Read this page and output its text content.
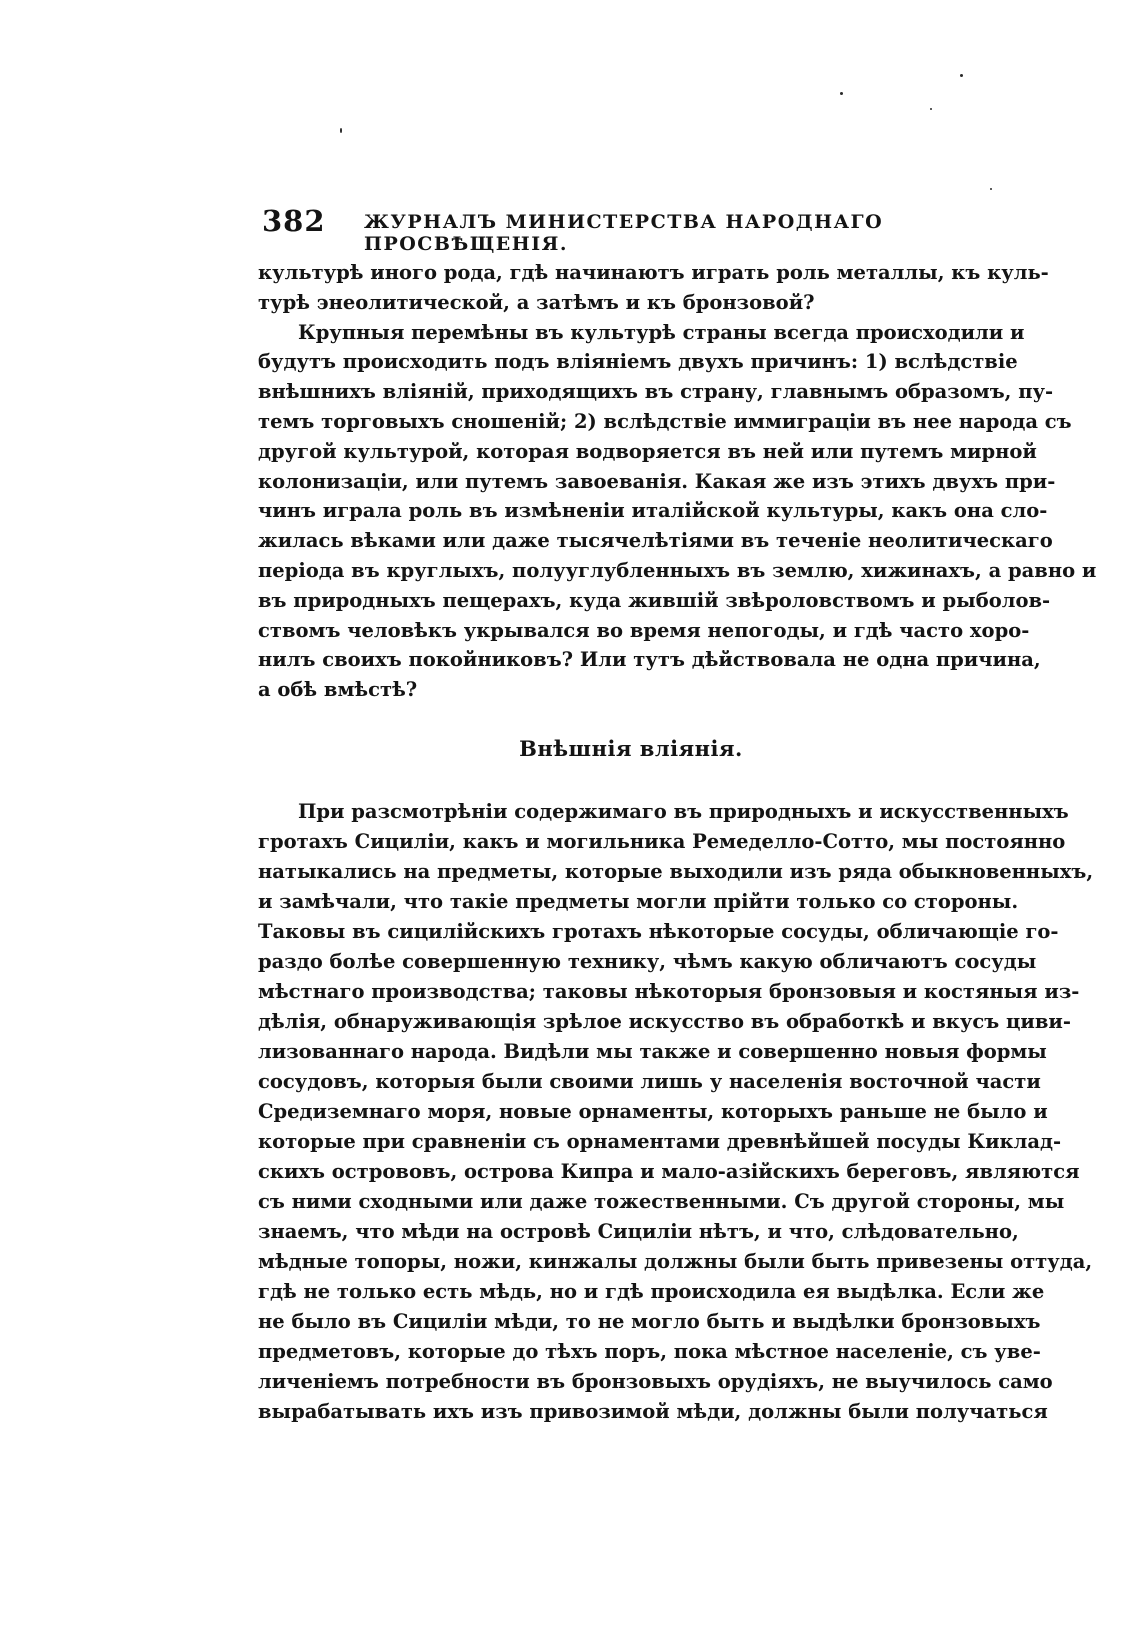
382 ЖУРНАЛЪ МИНИСТЕРСТВА НАРОДНАГО ПРОСВѢЩЕНІЯ.
культурѣ иного рода, гдѣ начинаютъ играть роль металлы, къ куль-
турѣ энеолитической, а затѣмъ и къ бронзовой?
Крупныя перемѣны въ культурѣ страны всегда происходили и
будутъ происходить подъ вліяніемъ двухъ причинъ: 1) вслѣдствіе
внѣшнихъ вліяній, приходящихъ въ страну, главнымъ образомъ, пу-
темъ торговыхъ сношеній; 2) вслѣдствіе иммиграціи въ нее народа съ
другой культурой, которая водворяется въ ней или путемъ мирной
колонизаціи, или путемъ завоеванія. Какая же изъ этихъ двухъ при-
чинъ играла роль въ измѣненіи италійской культуры, какъ она сло-
жилась вѣками или даже тысячелѣтіями въ теченіе неолитическаго
періода въ круглыхъ, полууглубленныхъ въ землю, хижинахъ, а равно и
въ природныхъ пещерахъ, куда жившій звѣроловствомъ и рыболов-
ствомъ человѣкъ укрывался во время непогоды, и гдѣ часто хоро-
нилъ своихъ покойниковъ? Или тутъ дѣйствовала не одна причина,
а обѣ вмѣстѣ?
Внѣшнія вліянія.
При разсмотрѣніи содержимаго въ природныхъ и искусственныхъ
гротахъ Сициліи, какъ и могильника Ремеделло-Сотто, мы постоянно
натыкались на предметы, которые выходили изъ ряда обыкновенныхъ,
и замѣчали, что такіе предметы могли прійти только со стороны.
Таковы въ сицилійскихъ гротахъ нѣкоторые сосуды, обличающіе го-
раздо болѣе совершенную технику, чѣмъ какую обличаютъ сосуды
мѣстнаго производства; таковы нѣкоторыя бронзовыя и костяныя из-
дѣлія, обнаруживающія зрѣлое искусство въ обработкѣ и вкусъ циви-
лизованнаго народа. Видѣли мы также и совершенно новыя формы
сосудовъ, которыя были своими лишь у населенія восточной части
Средиземнаго моря, новые орнаменты, которыхъ раньше не было и
которые при сравненіи съ орнаментами древнѣйшей посуды Киклад-
скихъ острововъ, острова Кипра и мало-азійскихъ береговъ, являются
съ ними сходными или даже тожественными. Съ другой стороны, мы
знаемъ, что мѣди на островѣ Сициліи нѣтъ, и что, слѣдовательно,
мѣдные топоры, ножи, кинжалы должны были быть привезены оттуда,
гдѣ не только есть мѣдь, но и гдѣ происходила ея выдѣлка. Если же
не было въ Сициліи мѣди, то не могло быть и выдѣлки бронзовыхъ
предметовъ, которые до тѣхъ поръ, пока мѣстное населеніе, съ уве-
личеніемъ потребности въ бронзовыхъ орудіяхъ, не выучилось само
вырабатывать ихъ изъ привозимой мѣди, должны были получаться
